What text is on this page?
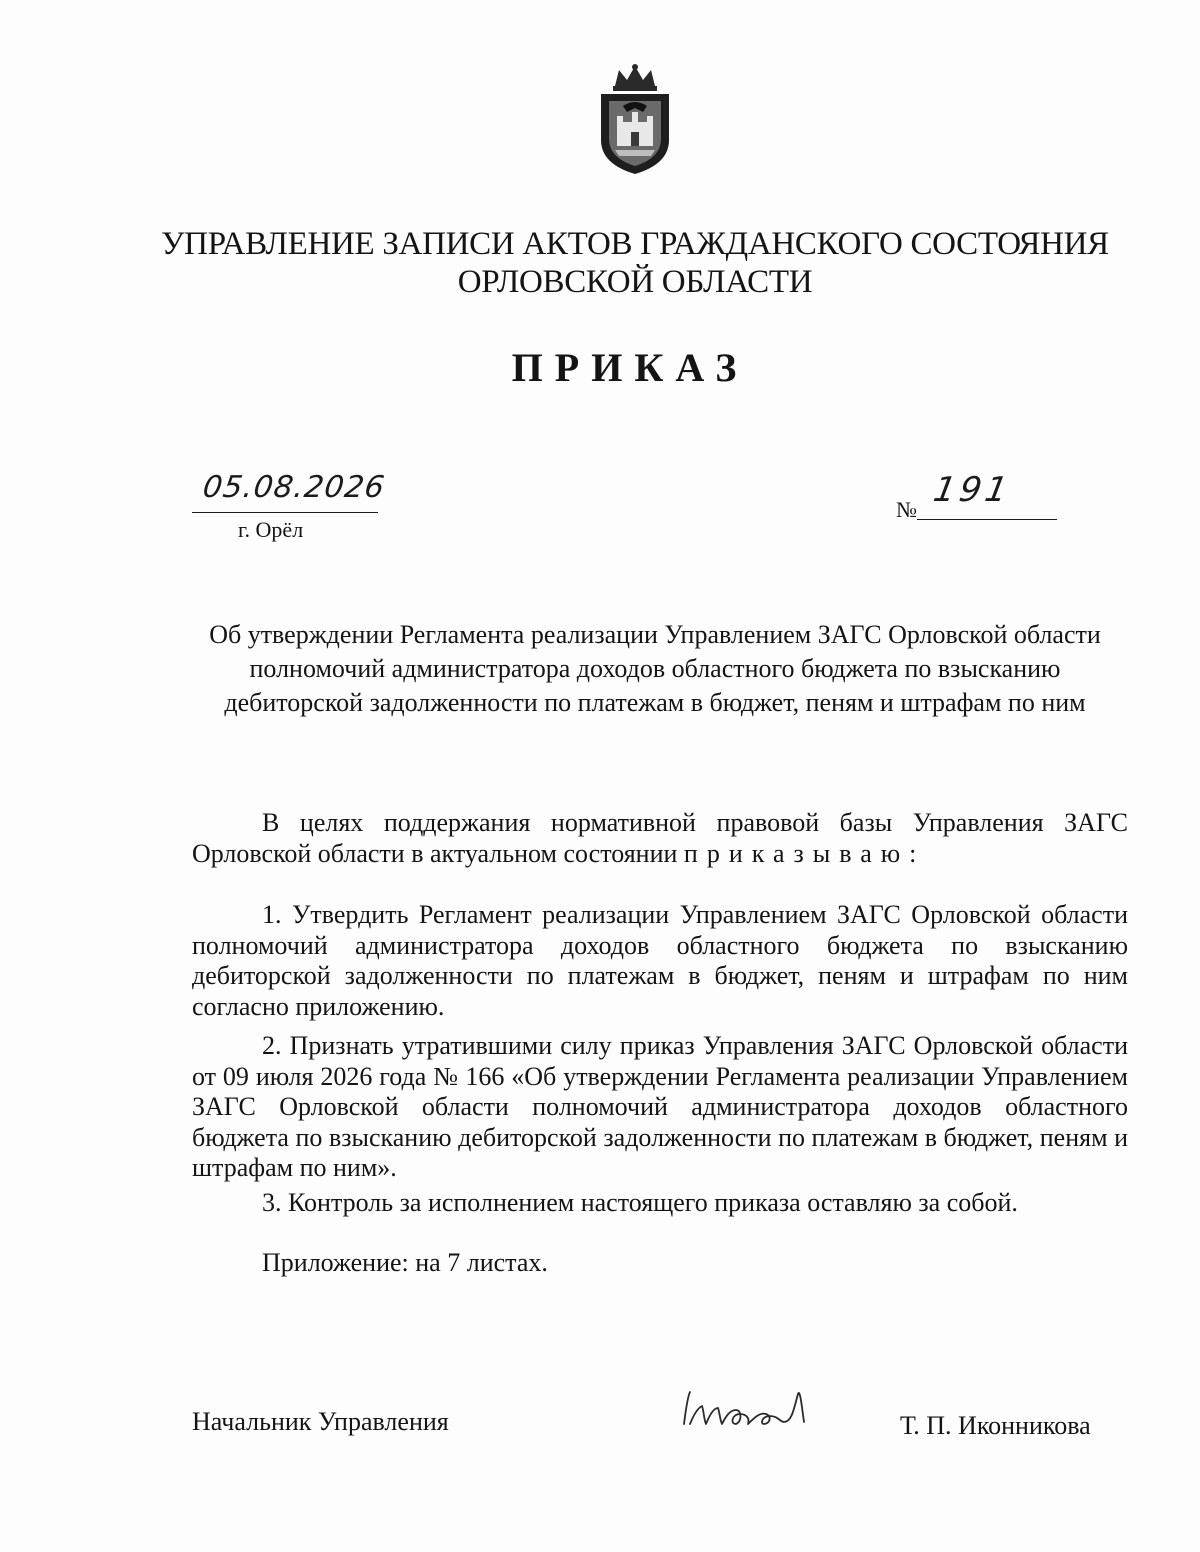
УПРАВЛЕНИЕ ЗАПИСИ АКТОВ ГРАЖДАНСКОГО СОСТОЯНИЯ
ОРЛОВСКОЙ ОБЛАСТИ
ПРИКАЗ
05.08.2026
г. Орёл
№ 191
Об утверждении Регламента реализации Управлением ЗАГС Орловской области полномочий администратора доходов областного бюджета по взысканию дебиторской задолженности по платежам в бюджет, пеням и штрафам по ним
В целях поддержания нормативной правовой базы Управления ЗАГС Орловской области в актуальном состоянии приказываю:
1. Утвердить Регламент реализации Управлением ЗАГС Орловской области полномочий администратора доходов областного бюджета по взысканию дебиторской задолженности по платежам в бюджет, пеням и штрафам по ним согласно приложению.
2. Признать утратившими силу приказ Управления ЗАГС Орловской области от 09 июля 2026 года № 166 «Об утверждении Регламента реализации Управлением ЗАГС Орловской области полномочий администратора доходов областного бюджета по взысканию дебиторской задолженности по платежам в бюджет, пеням и штрафам по ним».
3. Контроль за исполнением настоящего приказа оставляю за собой.
Приложение: на 7 листах.
Начальник Управления	Т. П. Иконникова
